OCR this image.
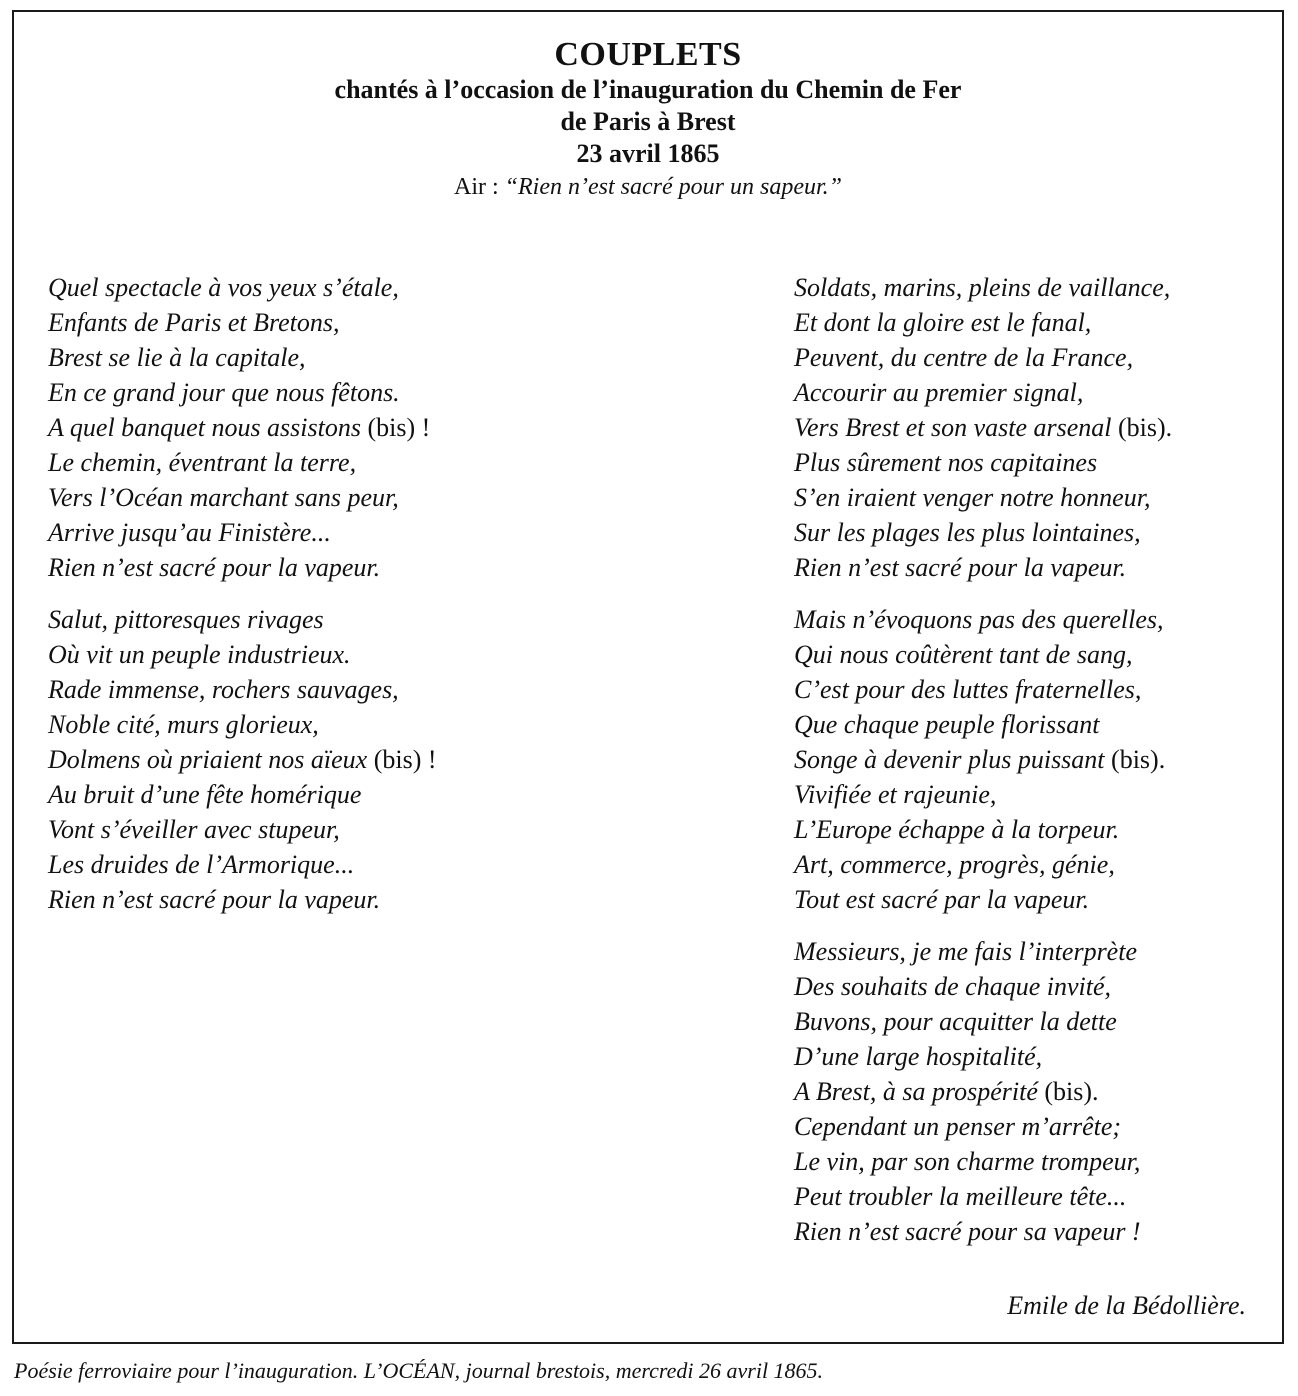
COUPLETS
chantés à l’occasion de l’inauguration du Chemin de Fer
de Paris à Brest
23 avril 1865
Air : “Rien n’est sacré pour un sapeur.”
Quel spectacle à vos yeux s’étale,
Enfants de Paris et Bretons,
Brest se lie à la capitale,
En ce grand jour que nous fêtons.
A quel banquet nous assistons (bis) !
Le chemin, éventrant la terre,
Vers l’Océan marchant sans peur,
Arrive jusqu’au Finistère...
Rien n’est sacré pour la vapeur.
Salut, pittoresques rivages
Où vit un peuple industrieux.
Rade immense, rochers sauvages,
Noble cité, murs glorieux,
Dolmens où priaient nos aïeux (bis) !
Au bruit d’une fête homérique
Vont s’éveiller avec stupeur,
Les druides de l’Armorique...
Rien n’est sacré pour la vapeur.
Soldats, marins, pleins de vaillance,
Et dont la gloire est le fanal,
Peuvent, du centre de la France,
Accourir au premier signal,
Vers Brest et son vaste arsenal (bis).
Plus sûrement nos capitaines
S’en iraient venger notre honneur,
Sur les plages les plus lointaines,
Rien n’est sacré pour la vapeur.
Mais n’évoquons pas des querelles,
Qui nous coûtèrent tant de sang,
C’est pour des luttes fraternelles,
Que chaque peuple florissant
Songe à devenir plus puissant (bis).
Vivifiée et rajeunie,
L’Europe échappe à la torpeur.
Art, commerce, progrès, génie,
Tout est sacré par la vapeur.
Messieurs, je me fais l’interprète
Des souhaits de chaque invité,
Buvons, pour acquitter la dette
D’une large hospitalité,
A Brest, à sa prospérité (bis).
Cependant un penser m’arrête;
Le vin, par son charme trompeur,
Peut troubler la meilleure tête...
Rien n’est sacré pour sa vapeur !
Emile de la Bédollière.
Poésie ferroviaire pour l’inauguration. L’OCÉAN, journal brestois, mercredi 26 avril 1865.
